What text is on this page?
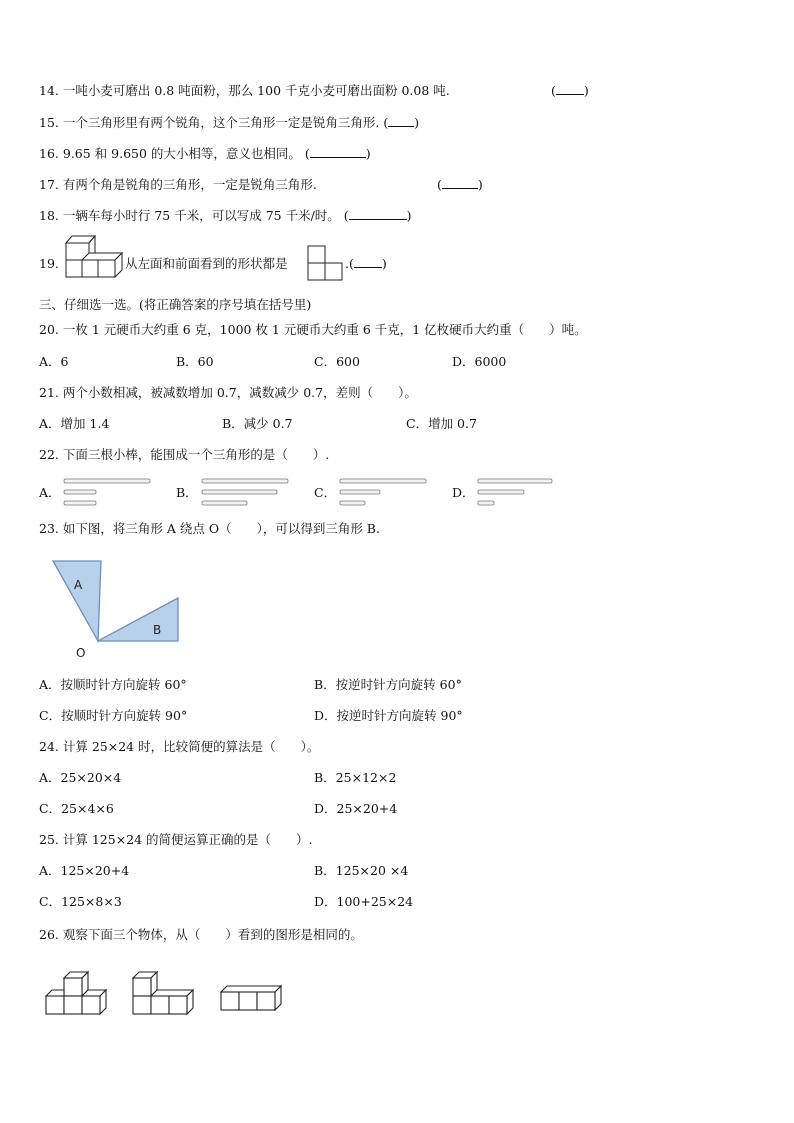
14. 一吨小麦可磨出 0.8 吨面粉，那么 100 千克小麦可磨出面粉 0.08 吨.	( )
15. 一个三角形里有两个锐角，这个三角形一定是锐角三角形. ( )
16. 9.65 和 9.650 的大小相等，意义也相同。 (	)
17. 有两个角是锐角的三角形，一定是锐角三角形.	(	)
18. 一辆车每小时行 75 千米，可以写成 75 千米/时。 (	)
19.	从左面和前面看到的形状都是	.( )
三、仔细选一选。(将正确答案的序号填在括号里)
20. 一枚 1 元硬币大约重 6 克，1000 枚 1 元硬币大约重 6 千克，1 亿枚硬币大约重（　　）吨。
A．6	B．60	C．600	D．6000
21. 两个小数相减，被减数增加 0.7，减数减少 0.7，差则（　　）。
A．增加 1.4	B．减少 0.7	C．增加 0.7
22. 下面三根小棒，能围成一个三角形的是（　　）.
A．	B．	C．	D．
23. 如下图，将三角形 A 绕点 O（　　），可以得到三角形 B.
A
B
O
A．按顺时针方向旋转 60°	B．按逆时针方向旋转 60°
C．按顺时针方向旋转 90°	D．按逆时针方向旋转 90°
24. 计算 25×24 时，比较简便的算法是（　　）。
A．25×20×4	B．25×12×2
C．25×4×6	D．25×20+4
25. 计算 125×24 的简便运算正确的是（　　）.
A．125×20+4	B．125×20 ×4
C．125×8×3	D．100+25×24
26. 观察下面三个物体，从（　　）看到的图形是相同的。
